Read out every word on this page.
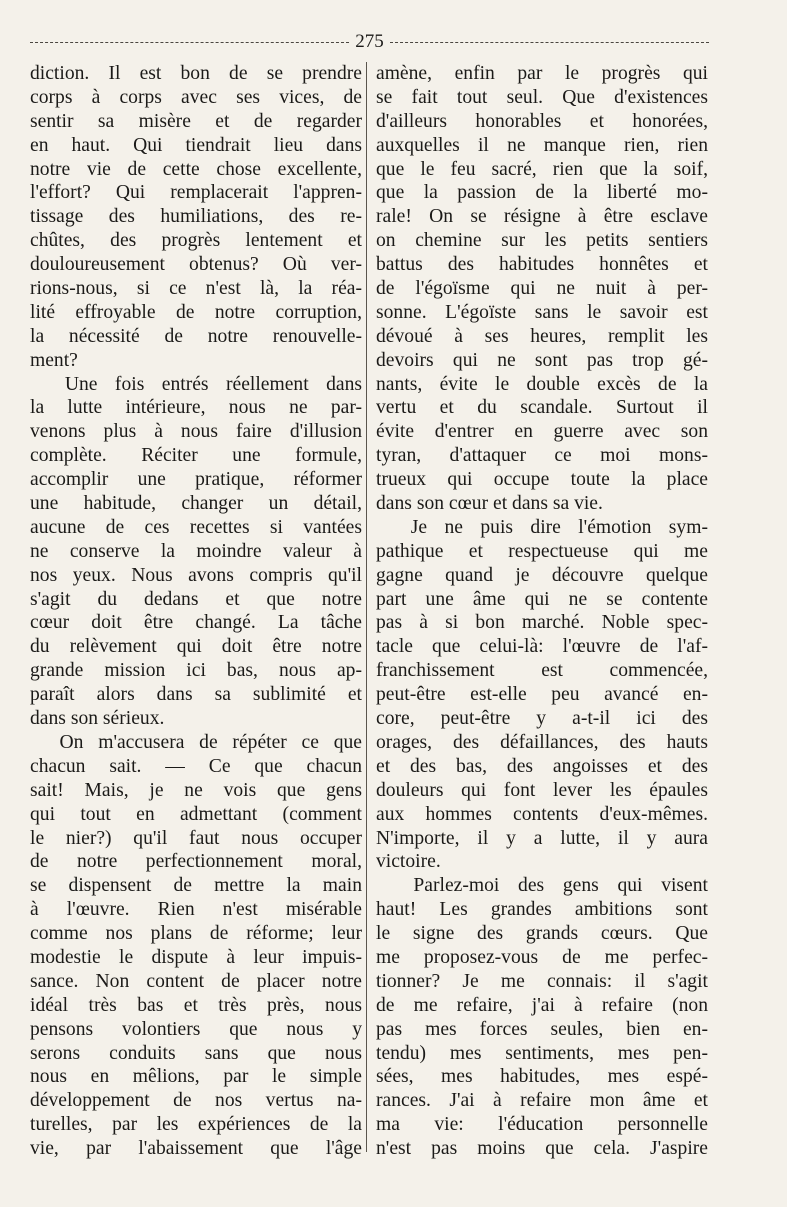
275
diction. Il est bon de se prendre
corps à corps avec ses vices, de
sentir sa misère et de regarder
en haut. Qui tiendrait lieu dans
notre vie de cette chose excellente,
l'effort? Qui remplacerait l'appren-
tissage des humiliations, des re-
chûtes, des progrès lentement et
douloureusement obtenus? Où ver-
rions-nous, si ce n'est là, la réa-
lité effroyable de notre corruption,
la nécessité de notre renouvelle-
ment?
Une fois entrés réellement dans
la lutte intérieure, nous ne par-
venons plus à nous faire d'illusion
complète. Réciter une formule,
accomplir une pratique, réformer
une habitude, changer un détail,
aucune de ces recettes si vantées
ne conserve la moindre valeur à
nos yeux. Nous avons compris qu'il
s'agit du dedans et que notre
cœur doit être changé. La tâche
du relèvement qui doit être notre
grande mission ici bas, nous ap-
paraît alors dans sa sublimité et
dans son sérieux.
On m'accusera de répéter ce que
chacun sait. — Ce que chacun
sait! Mais, je ne vois que gens
qui tout en admettant (comment
le nier?) qu'il faut nous occuper
de notre perfectionnement moral,
se dispensent de mettre la main
à l'œuvre. Rien n'est misérable
comme nos plans de réforme; leur
modestie le dispute à leur impuis-
sance. Non content de placer notre
idéal très bas et très près, nous
pensons volontiers que nous y
serons conduits sans que nous
nous en mêlions, par le simple
développement de nos vertus na-
turelles, par les expériences de la
vie, par l'abaissement que l'âge
amène, enfin par le progrès qui
se fait tout seul. Que d'existences
d'ailleurs honorables et honorées,
auxquelles il ne manque rien, rien
que le feu sacré, rien que la soif,
que la passion de la liberté mo-
rale! On se résigne à être esclave
on chemine sur les petits sentiers
battus des habitudes honnêtes et
de l'égoïsme qui ne nuit à per-
sonne. L'égoïste sans le savoir est
dévoué à ses heures, remplit les
devoirs qui ne sont pas trop gé-
nants, évite le double excès de la
vertu et du scandale. Surtout il
évite d'entrer en guerre avec son
tyran, d'attaquer ce moi mons-
trueux qui occupe toute la place
dans son cœur et dans sa vie.
Je ne puis dire l'émotion sym-
pathique et respectueuse qui me
gagne quand je découvre quelque
part une âme qui ne se contente
pas à si bon marché. Noble spec-
tacle que celui-là: l'œuvre de l'af-
franchissement est commencée,
peut-être est-elle peu avancé en-
core, peut-être y a-t-il ici des
orages, des défaillances, des hauts
et des bas, des angoisses et des
douleurs qui font lever les épaules
aux hommes contents d'eux-mêmes.
N'importe, il y a lutte, il y aura
victoire.
Parlez-moi des gens qui visent
haut! Les grandes ambitions sont
le signe des grands cœurs. Que
me proposez-vous de me perfec-
tionner? Je me connais: il s'agit
de me refaire, j'ai à refaire (non
pas mes forces seules, bien en-
tendu) mes sentiments, mes pen-
sées, mes habitudes, mes espé-
rances. J'ai à refaire mon âme et
ma vie: l'éducation personnelle
n'est pas moins que cela. J'aspire
